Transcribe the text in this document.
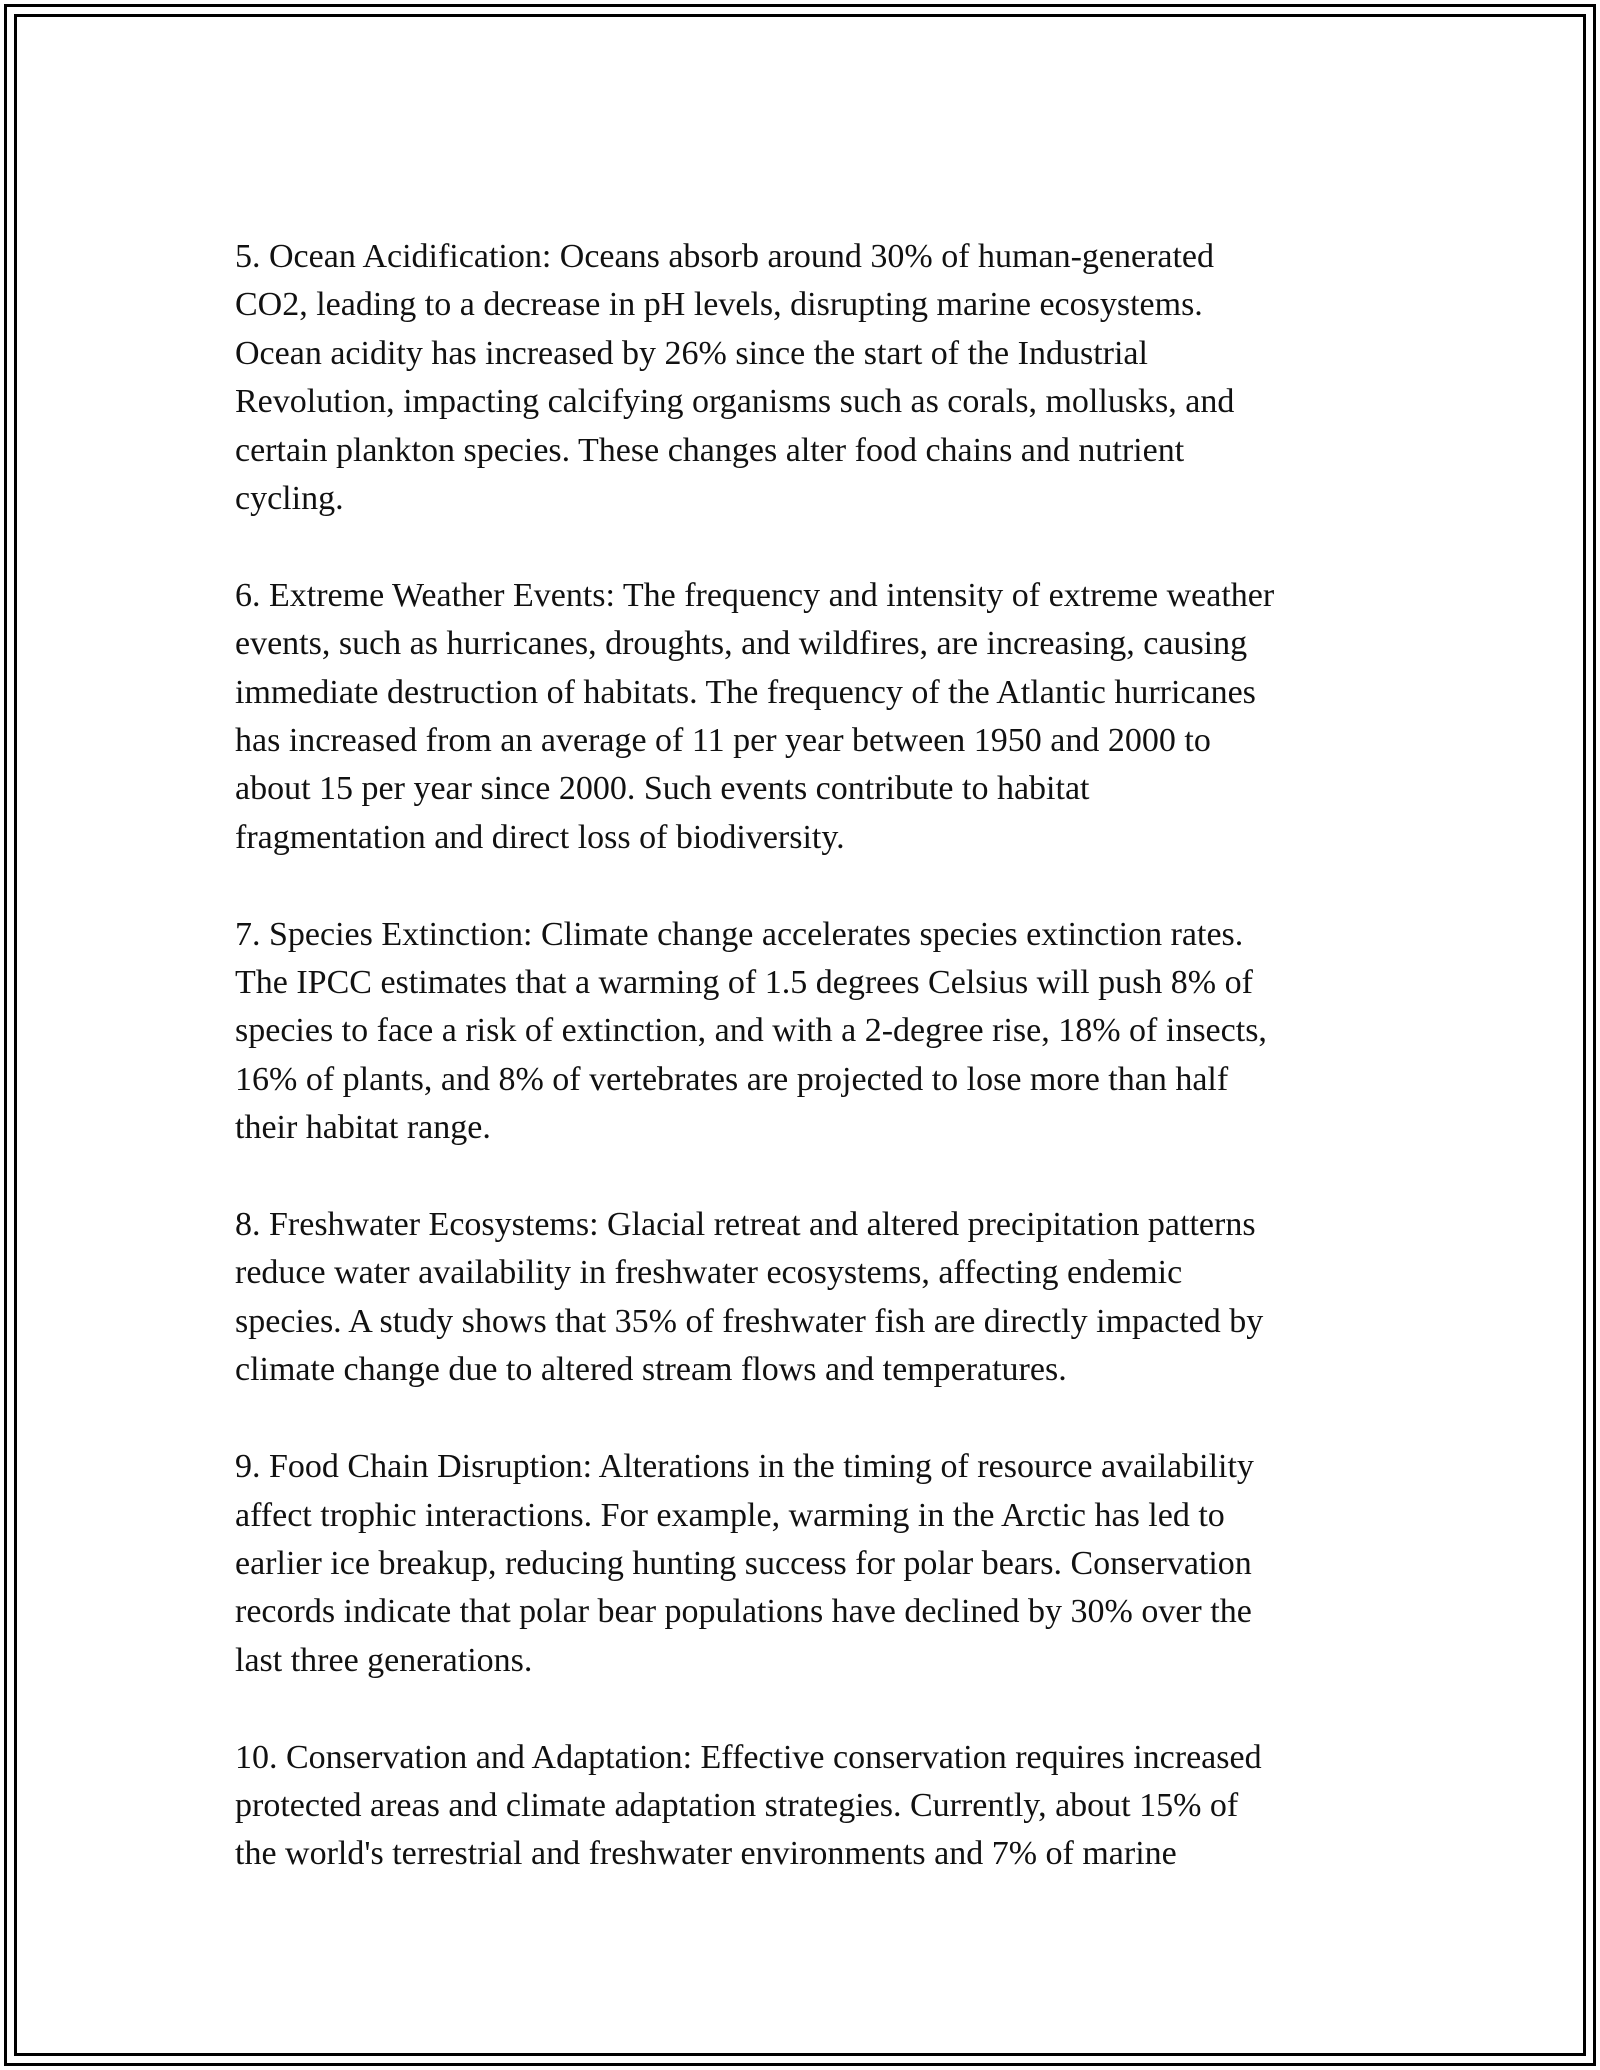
5. Ocean Acidification: Oceans absorb around 30% of human-generated
CO2, leading to a decrease in pH levels, disrupting marine ecosystems.
Ocean acidity has increased by 26% since the start of the Industrial
Revolution, impacting calcifying organisms such as corals, mollusks, and
certain plankton species. These changes alter food chains and nutrient
cycling.

6. Extreme Weather Events: The frequency and intensity of extreme weather
events, such as hurricanes, droughts, and wildfires, are increasing, causing
immediate destruction of habitats. The frequency of the Atlantic hurricanes
has increased from an average of 11 per year between 1950 and 2000 to
about 15 per year since 2000. Such events contribute to habitat
fragmentation and direct loss of biodiversity.

7. Species Extinction: Climate change accelerates species extinction rates.
The IPCC estimates that a warming of 1.5 degrees Celsius will push 8% of
species to face a risk of extinction, and with a 2-degree rise, 18% of insects,
16% of plants, and 8% of vertebrates are projected to lose more than half
their habitat range.

8. Freshwater Ecosystems: Glacial retreat and altered precipitation patterns
reduce water availability in freshwater ecosystems, affecting endemic
species. A study shows that 35% of freshwater fish are directly impacted by
climate change due to altered stream flows and temperatures.

9. Food Chain Disruption: Alterations in the timing of resource availability
affect trophic interactions. For example, warming in the Arctic has led to
earlier ice breakup, reducing hunting success for polar bears. Conservation
records indicate that polar bear populations have declined by 30% over the
last three generations.

10. Conservation and Adaptation: Effective conservation requires increased
protected areas and climate adaptation strategies. Currently, about 15% of
the world's terrestrial and freshwater environments and 7% of marine
